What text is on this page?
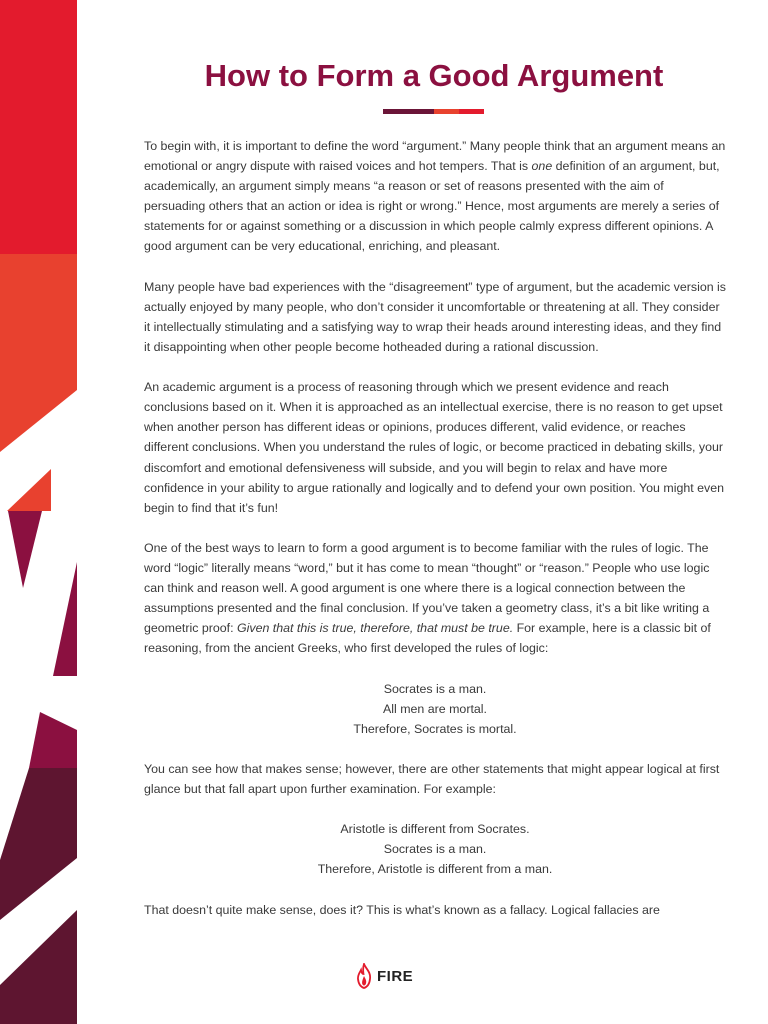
How to Form a Good Argument

To begin with, it is important to define the word “argument.” Many people think that an argument means an emotional or angry dispute with raised voices and hot tempers. That is one definition of an argument, but, academically, an argument simply means “a reason or set of reasons presented with the aim of persuading others that an action or idea is right or wrong.” Hence, most arguments are merely a series of statements for or against something or a discussion in which people calmly express different opinions. A good argument can be very educational, enriching, and pleasant.

Many people have bad experiences with the “disagreement” type of argument, but the academic version is actually enjoyed by many people, who don’t consider it uncomfortable or threatening at all. They consider it intellectually stimulating and a satisfying way to wrap their heads around interesting ideas, and they find it disappointing when other people become hotheaded during a rational discussion.

An academic argument is a process of reasoning through which we present evidence and reach conclusions based on it. When it is approached as an intellectual exercise, there is no reason to get upset when another person has different ideas or opinions, produces different, valid evidence, or reaches different conclusions. When you understand the rules of logic, or become practiced in debating skills, your discomfort and emotional defensiveness will subside, and you will begin to relax and have more confidence in your ability to argue rationally and logically and to defend your own position. You might even begin to find that it’s fun!

One of the best ways to learn to form a good argument is to become familiar with the rules of logic. The word “logic” literally means “word,” but it has come to mean “thought” or “reason.” People who use logic can think and reason well. A good argument is one where there is a logical connection between the assumptions presented and the final conclusion. If you’ve taken a geometry class, it’s a bit like writing a geometric proof: Given that this is true, therefore, that must be true. For example, here is a classic bit of reasoning, from the ancient Greeks, who first developed the rules of logic:

Socrates is a man.
All men are mortal.
Therefore, Socrates is mortal.

You can see how that makes sense; however, there are other statements that might appear logical at first glance but that fall apart upon further examination. For example:

Aristotle is different from Socrates.
Socrates is a man.
Therefore, Aristotle is different from a man.

That doesn’t quite make sense, does it? This is what’s known as a fallacy. Logical fallacies are

FIRE
